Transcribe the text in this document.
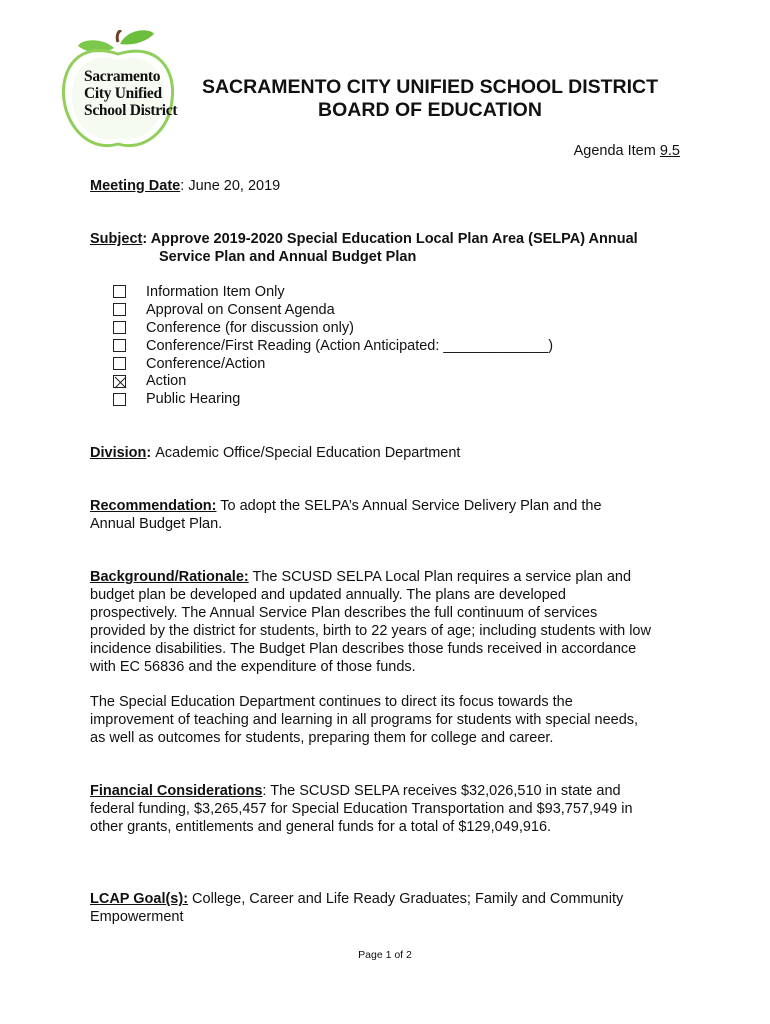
Sacramento
City Unified
School District
SACRAMENTO CITY UNIFIED SCHOOL DISTRICT
BOARD OF EDUCATION
Agenda Item 9.5
Meeting Date: June 20, 2019
Subject: Approve 2019-2020 Special Education Local Plan Area (SELPA) Annual
Service Plan and Annual Budget Plan
Information Item Only
Approval on Consent Agenda
Conference (for discussion only)
Conference/First Reading (Action Anticipated: _____________)
Conference/Action
Action
Public Hearing
Division: Academic Office/Special Education Department
Recommendation: To adopt the SELPA’s Annual Service Delivery Plan and the
Annual Budget Plan.
Background/Rationale: The SCUSD SELPA Local Plan requires a service plan and
budget plan be developed and updated annually. The plans are developed
prospectively. The Annual Service Plan describes the full continuum of services
provided by the district for students, birth to 22 years of age; including students with low
incidence disabilities. The Budget Plan describes those funds received in accordance
with EC 56836 and the expenditure of those funds.
The Special Education Department continues to direct its focus towards the
improvement of teaching and learning in all programs for students with special needs,
as well as outcomes for students, preparing them for college and career.
Financial Considerations: The SCUSD SELPA receives $32,026,510 in state and
federal funding, $3,265,457 for Special Education Transportation and $93,757,949 in
other grants, entitlements and general funds for a total of $129,049,916.
LCAP Goal(s): College, Career and Life Ready Graduates; Family and Community
Empowerment
Page 1 of 2
